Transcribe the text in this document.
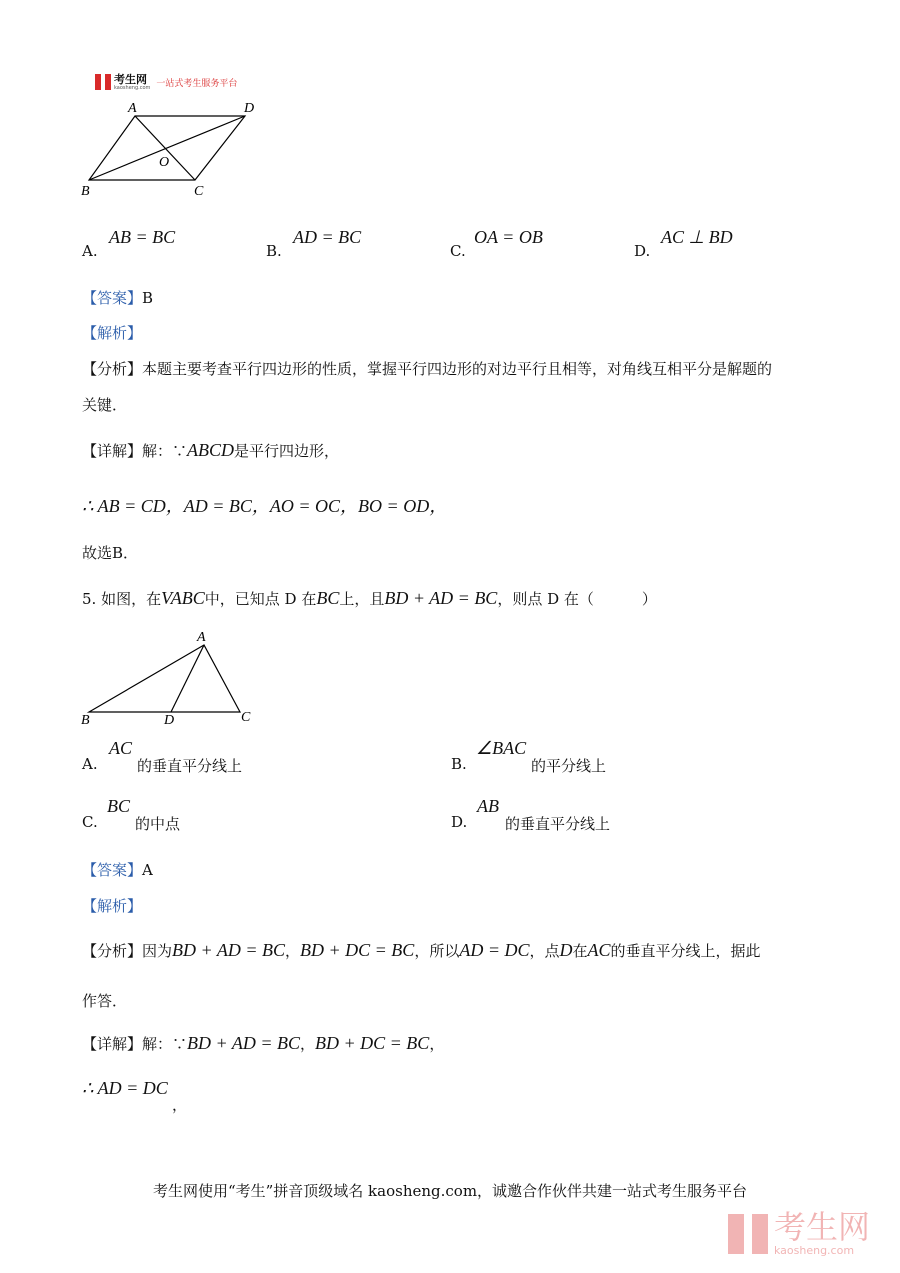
考生网
kaosheng.com 一站式考生服务平台
A	D
O
B	C
A.
AB = BC
B.
AD = BC
C.
OA = OB
D.
AC ⊥ BD
【答案】B
【解析】
【分析】本题主要考查平行四边形的性质，掌握平行四边形的对边平行且相等，对角线互相平分是解题的
关键．
【详解】解：∵ABCD是平行四边形，
∴ AB = CD，AD = BC，AO = OC，BO = OD，
故选B．
5. 如图，在VABC中，已知点 D 在BC上，且BD + AD = BC，则点 D 在（	）
A
B	D	C
A.
AC
的垂直平分线上	B.
∠BAC
的平分线上
C.
BC
的中点	D.
AB
的垂直平分线上
【答案】A
【解析】
【分析】因为BD + AD = BC，BD + DC = BC，所以AD = DC，点D在AC的垂直平分线上，据此
作答．
【详解】解：∵BD + AD = BC，BD + DC = BC，
∴ AD = DC
，
考生网使用“考生”拼音顶级域名 kaosheng.com，诚邀合作伙伴共建一站式考生服务平台
考生网
kaosheng.com
